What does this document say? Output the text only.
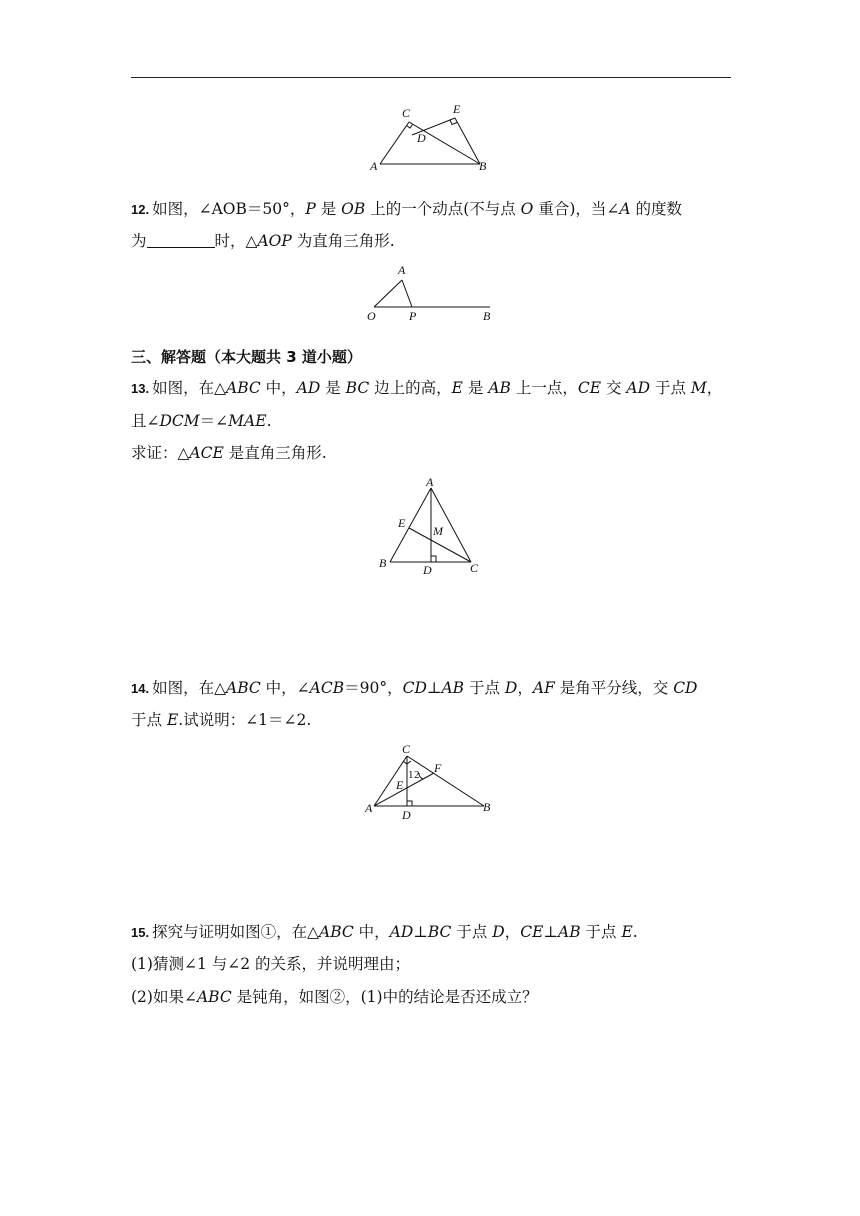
C	E
D
A	B
12. 如图，∠AOB＝50°，P 是 OB 上的一个动点(不与点 O 重合)，当∠A 的度数
为	时，△AOP 为直角三角形.
A
O	P	B
三、解答题（本大题共 3 道小题）
13. 如图，在△ABC 中，AD 是 BC 边上的高，E 是 AB 上一点，CE 交 AD 于点 M，
且∠DCM＝∠MAE.
求证：△ACE 是直角三角形.
A
E
M
B	D	C
14. 如图，在△ABC 中，∠ACB＝90°，CD⊥AB 于点 D，AF 是角平分线，交 CD
于点 E.试说明：∠1＝∠2.
C
F
1 2
E
A D
B
15. 探究与证明如图①，在△ABC 中，AD⊥BC 于点 D，CE⊥AB 于点 E.
(1)猜测∠1 与∠2 的关系，并说明理由；
(2)如果∠ABC 是钝角，如图②，(1)中的结论是否还成立？
